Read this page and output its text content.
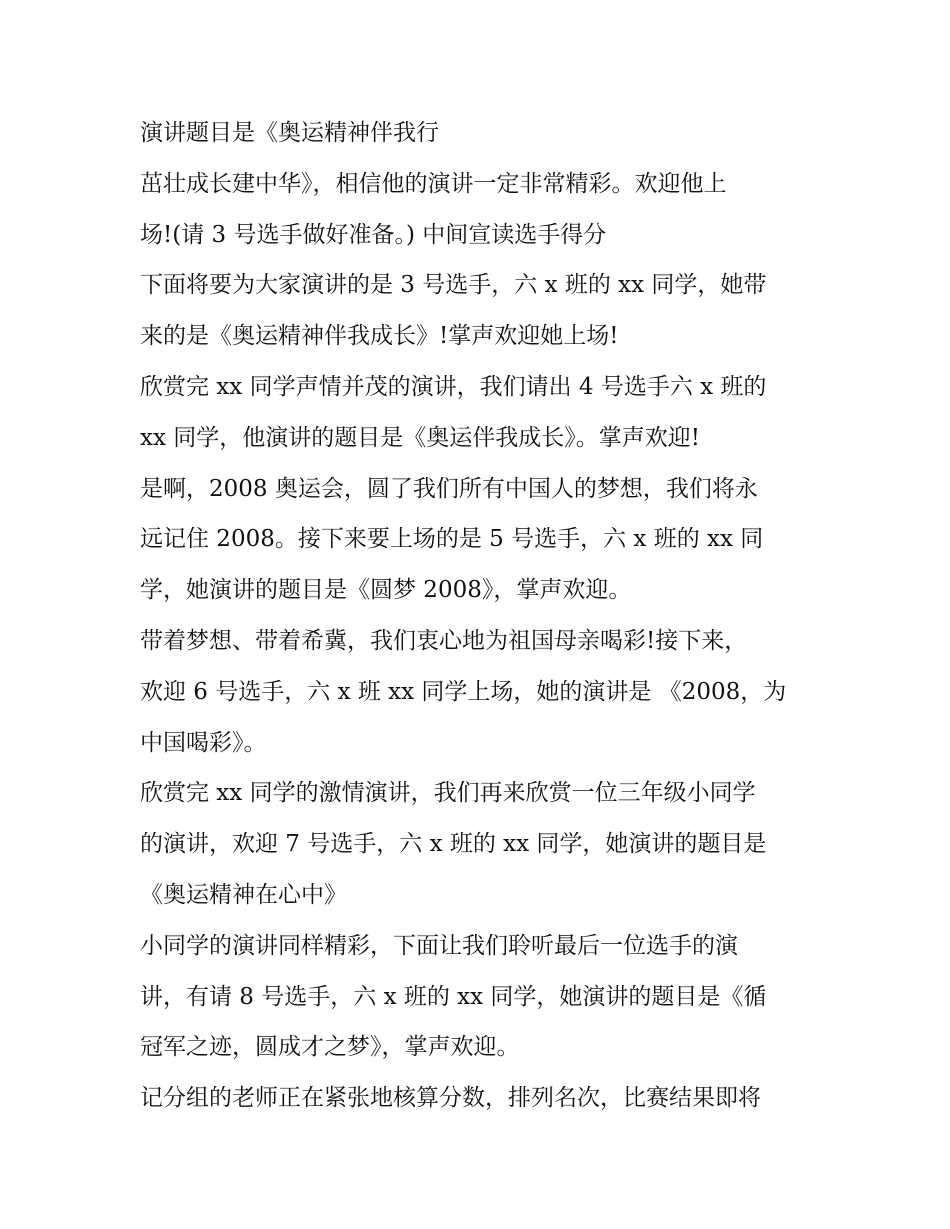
演讲题目是《奥运精神伴我行
茁壮成长建中华》，相信他的演讲一定非常精彩。欢迎他上
场!(请 3 号选手做好准备。) 中间宣读选手得分
下面将要为大家演讲的是 3 号选手，六 x 班的 xx 同学，她带
来的是《奥运精神伴我成长》!掌声欢迎她上场!
欣赏完 xx 同学声情并茂的演讲，我们请出 4 号选手六 x 班的
xx 同学，他演讲的题目是《奥运伴我成长》。掌声欢迎!
是啊，2008 奥运会，圆了我们所有中国人的梦想，我们将永
远记住 2008。接下来要上场的是 5 号选手，六 x 班的 xx 同
学，她演讲的题目是《圆梦 2008》，掌声欢迎。
带着梦想、带着希冀，我们衷心地为祖国母亲喝彩!接下来，
欢迎 6 号选手，六 x 班 xx 同学上场，她的演讲是 《2008，为
中国喝彩》。
欣赏完 xx 同学的激情演讲，我们再来欣赏一位三年级小同学
的演讲，欢迎 7 号选手，六 x 班的 xx 同学，她演讲的题目是
《奥运精神在心中》
小同学的演讲同样精彩，下面让我们聆听最后一位选手的演
讲，有请 8 号选手，六 x 班的 xx 同学，她演讲的题目是《循
冠军之迹，圆成才之梦》，掌声欢迎。
记分组的老师正在紧张地核算分数，排列名次，比赛结果即将
